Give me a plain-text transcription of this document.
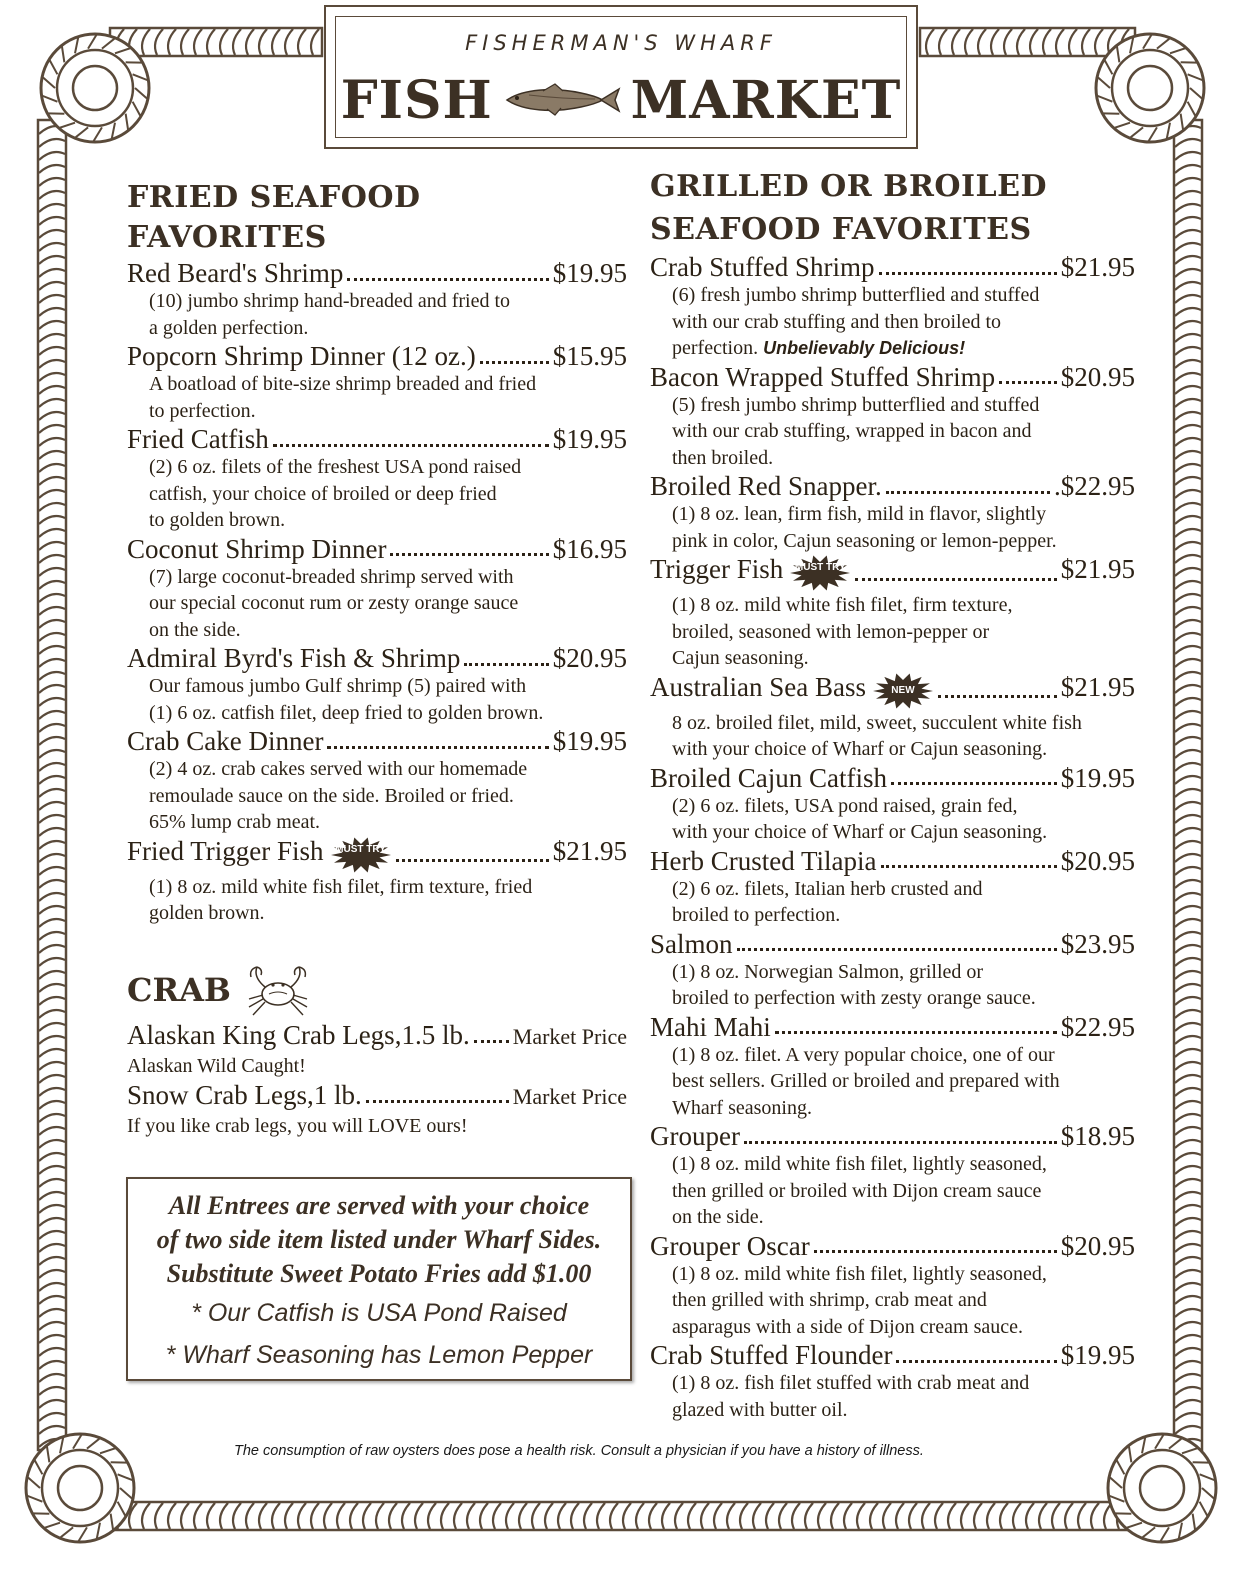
FISHERMAN'S WHARF
FISH	MARKET
FRIED SEAFOOD FAVORITES
Red Beard's Shrimp	$19.95
(10) jumbo shrimp hand-breaded and fried to
a golden perfection.
Popcorn Shrimp Dinner (12 oz.)	$15.95
A boatload of bite-size shrimp breaded and fried
to perfection.
Fried Catfish	$19.95
(2) 6 oz. filets of the freshest USA pond raised
catfish, your choice of broiled or deep fried
to golden brown.
Coconut Shrimp Dinner	$16.95
(7) large coconut-breaded shrimp served with
our special coconut rum or zesty orange sauce
on the side.
Admiral Byrd's Fish & Shrimp	$20.95
Our famous jumbo Gulf shrimp (5) paired with
(1) 6 oz. catfish filet, deep fried to golden brown.
Crab Cake Dinner	$19.95
(2) 4 oz. crab cakes served with our homemade
remoulade sauce on the side. Broiled or fried.
65% lump crab meat.
Fried Trigger Fish	MUST TRY	$21.95
(1) 8 oz. mild white fish filet, firm texture, fried
golden brown.
CRAB
Alaskan King Crab Legs,1.5 lb. Market Price
Alaskan Wild Caught!
Snow Crab Legs,1 lb.	Market Price
If you like crab legs, you will LOVE ours!
All Entrees are served with your choice
of two side item listed under Wharf Sides.
Substitute Sweet Potato Fries add $1.00
* Our Catfish is USA Pond Raised
* Wharf Seasoning has Lemon Pepper
GRILLED OR BROILED
SEAFOOD FAVORITES
Crab Stuffed Shrimp	$21.95
(6) fresh jumbo shrimp butterflied and stuffed
with our crab stuffing and then broiled to
perfection. Unbelievably Delicious!
Bacon Wrapped Stuffed Shrimp $20.95
(5) fresh jumbo shrimp butterflied and stuffed
with our crab stuffing, wrapped in bacon and
then broiled.
Broiled Red Snapper.	.$22.95
(1) 8 oz. lean, firm fish, mild in flavor, slightly
pink in color, Cajun seasoning or lemon-pepper.
Trigger Fish	MUST TRY	$21.95
(1) 8 oz. mild white fish filet, firm texture,
broiled, seasoned with lemon-pepper or
Cajun seasoning.
Australian Sea Bass	NEW	$21.95
8 oz. broiled filet, mild, sweet, succulent white fish
with your choice of Wharf or Cajun seasoning.
Broiled Cajun Catfish	$19.95
(2) 6 oz. filets, USA pond raised, grain fed,
with your choice of Wharf or Cajun seasoning.
Herb Crusted Tilapia	$20.95
(2) 6 oz. filets, Italian herb crusted and
broiled to perfection.
Salmon	$23.95
(1) 8 oz. Norwegian Salmon, grilled or
broiled to perfection with zesty orange sauce.
Mahi Mahi	$22.95
(1) 8 oz. filet. A very popular choice, one of our
best sellers. Grilled or broiled and prepared with
Wharf seasoning.
Grouper	$18.95
(1) 8 oz. mild white fish filet, lightly seasoned,
then grilled or broiled with Dijon cream sauce
on the side.
Grouper Oscar	$20.95
(1) 8 oz. mild white fish filet, lightly seasoned,
then grilled with shrimp, crab meat and
asparagus with a side of Dijon cream sauce.
Crab Stuffed Flounder	$19.95
(1) 8 oz. fish filet stuffed with crab meat and
glazed with butter oil.
The consumption of raw oysters does pose a health risk. Consult a physician if you have a history of illness.
